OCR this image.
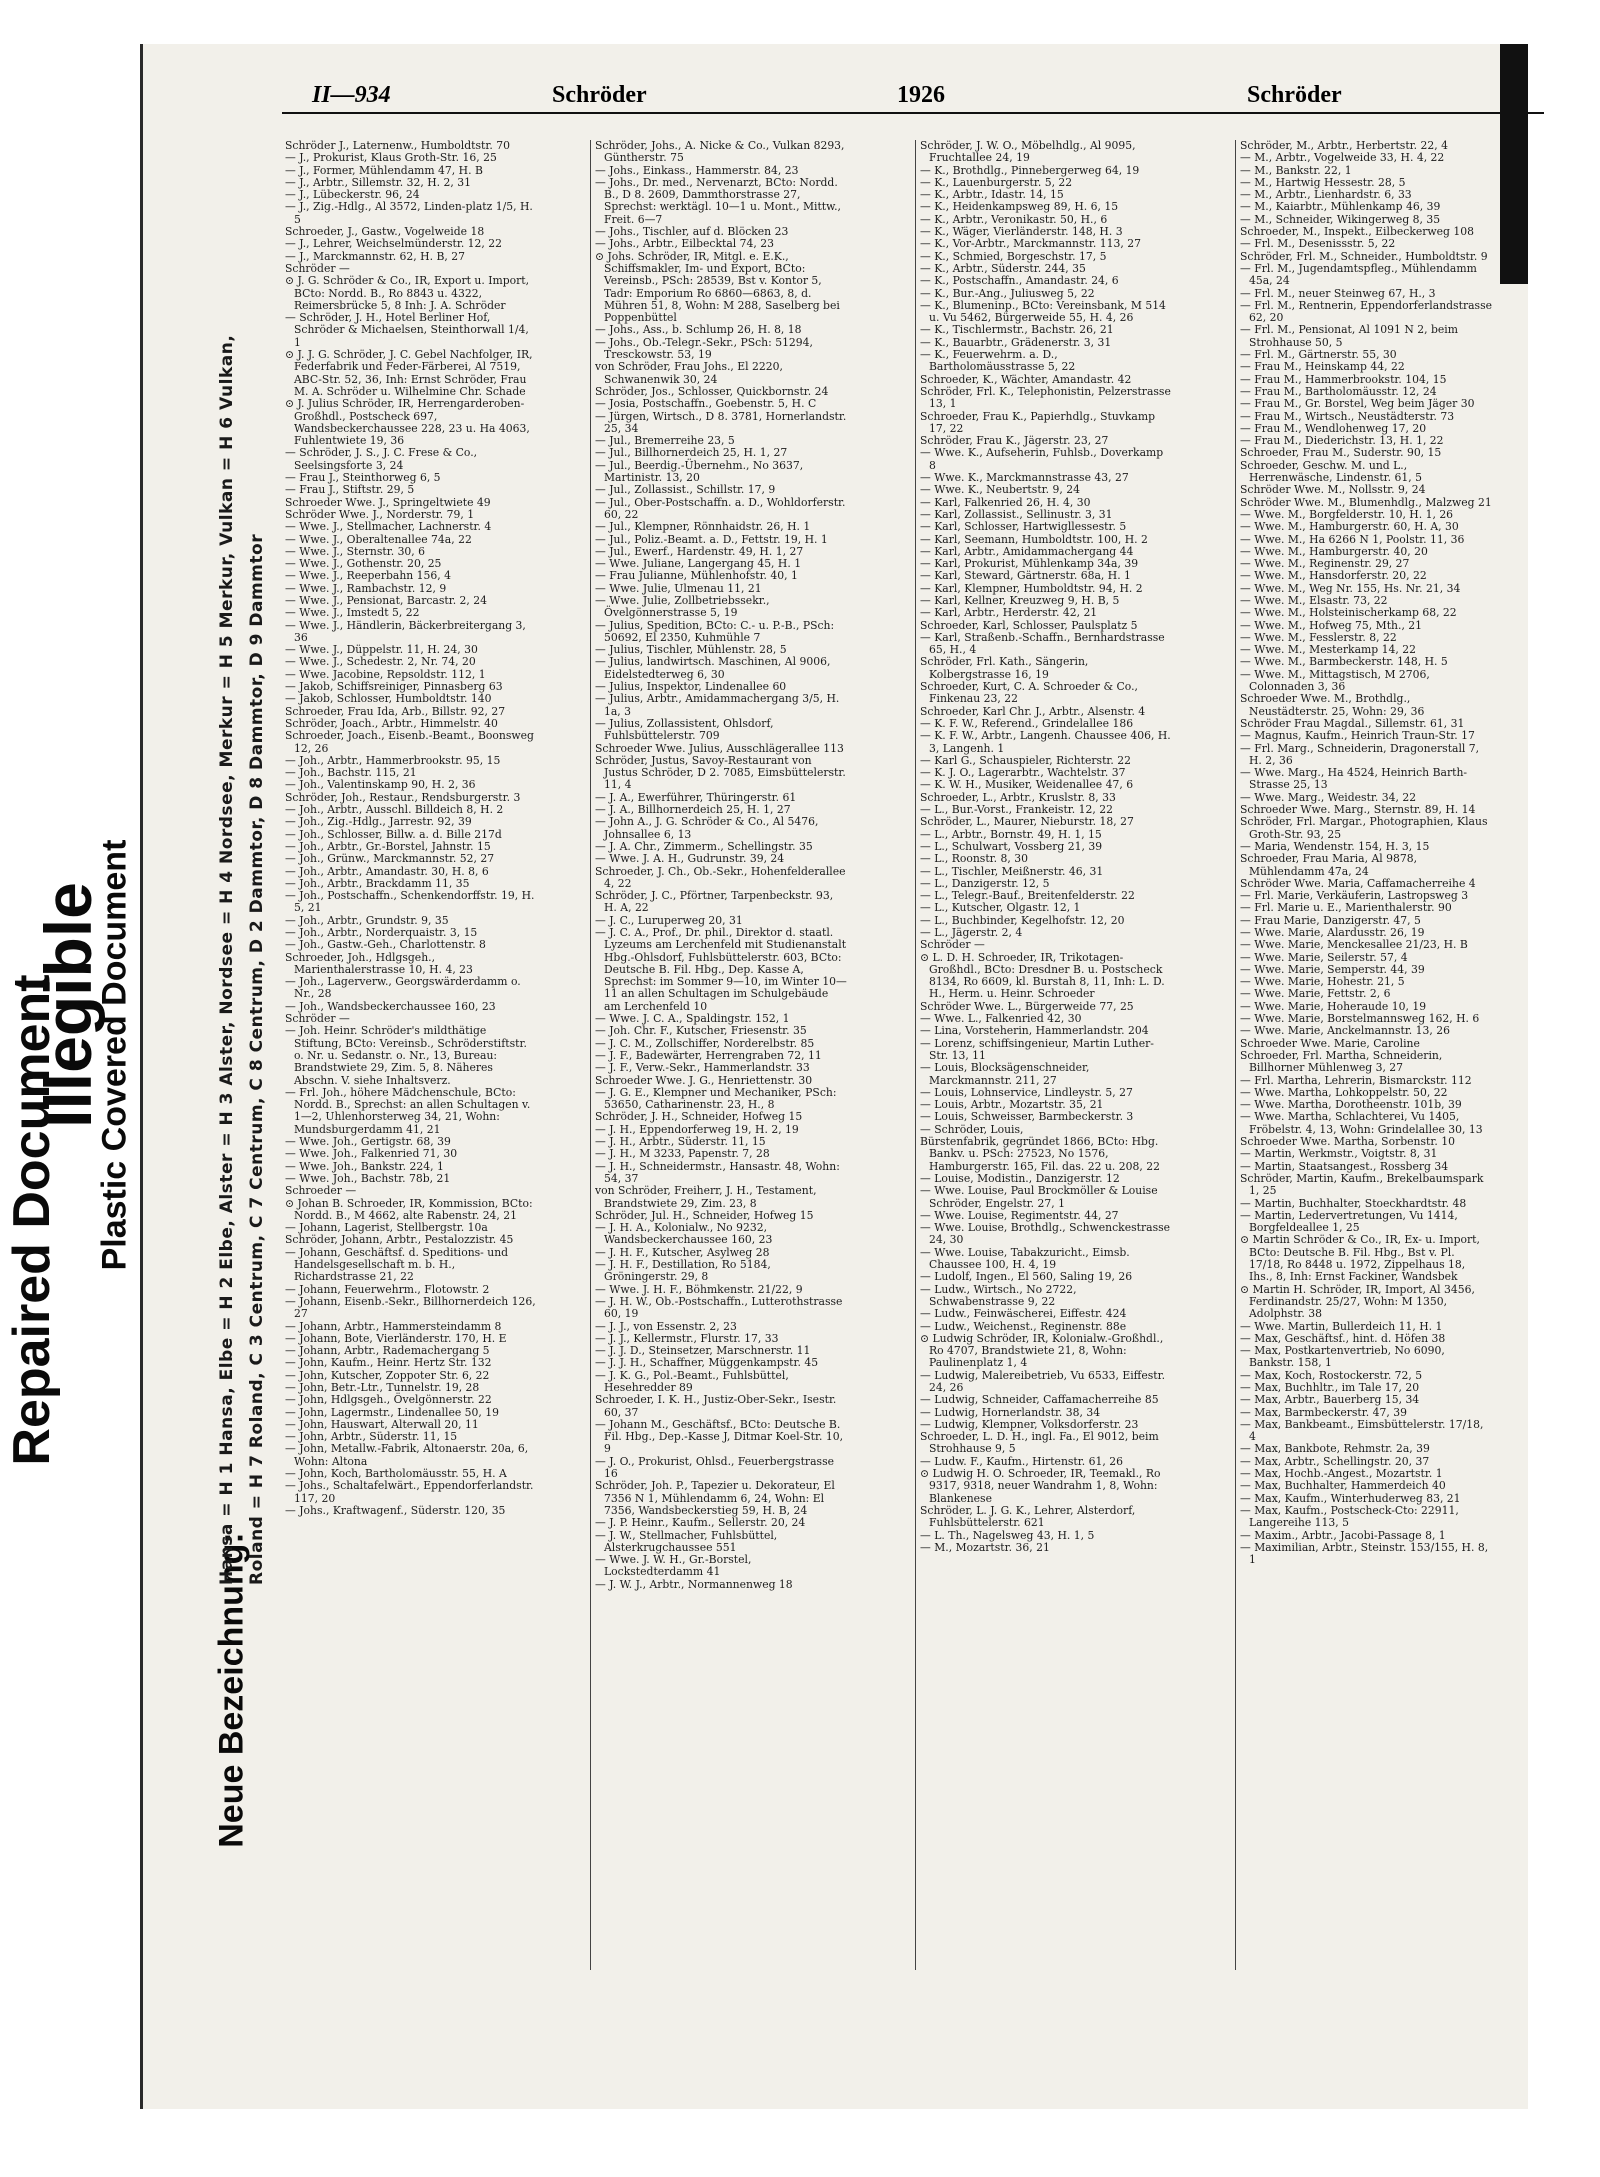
Repaired Document
Illegible
Plastic Covered Document
Neue Bezeichnung:
Hansa = H 1 Hansa, Elbe = H 2 Elbe, Alster = H 3 Alster, Nordsee = H 4 Nordsee, Merkur = H 5 Merkur, Vulkan = H 6 Vulkan, Roland = H 7 Roland, C 3 Centrum, C 7 Centrum, C 8 Centrum, D 2 Dammtor, D 8 Dammtor, D 9 Dammtor
II—934	Schröder	1926	Schröder

Schröder J., Laternenw., Humboldtstr. 70

— J., Prokurist, Klaus Groth-Str. 16, 25

— J., Former, Mühlendamm 47, H. B

— J., Arbtr., Sillemstr. 32, H. 2, 31

— J., Lübeckerstr. 96, 24

— J., Zig.-Hdlg., Al 3572, Linden-platz 1/5, H. 5

Schroeder, J., Gastw., Vogelweide 18

— J., Lehrer, Weichselmünderstr. 12, 22

— J., Marckmannstr. 62, H. B, 27

Schröder —

⊙ J. G. Schröder & Co., IR, Export u. Import, BCto: Nordd. B., Ro 8843 u. 4322, Reimersbrücke 5, 8 Inh: J. A. Schröder

— Schröder, J. H., Hotel Berliner Hof, Schröder & Michaelsen, Steinthorwall 1/4, 1

⊙ J. J. G. Schröder, J. C. Gebel Nachfolger, IR, Federfabrik und Feder-Färberei, Al 7519, ABC-Str. 52, 36, Inh: Ernst Schröder, Frau M. A. Schröder u. Wilhelmine Chr. Schade

⊙ J. Julius Schröder, IR, Herrengarderoben-Großhdl., Postscheck 697, Wandsbeckerchaussee 228, 23 u. Ha 4063, Fuhlentwiete 19, 36

— Schröder, J. S., J. C. Frese & Co., Seelsingsforte 3, 24

— Frau J., Steinthorweg 6, 5

— Frau J., Stiftstr. 29, 5

Schroeder Wwe. J., Springeltwiete 49

Schröder Wwe. J., Norderstr. 79, 1

— Wwe. J., Stellmacher, Lachnerstr. 4

— Wwe. J., Oberaltenallee 74a, 22

— Wwe. J., Sternstr. 30, 6

— Wwe. J., Gothenstr. 20, 25

— Wwe. J., Reeperbahn 156, 4

— Wwe. J., Rambachstr. 12, 9

— Wwe. J., Pensionat, Barcastr. 2, 24

— Wwe. J., Imstedt 5, 22

— Wwe. J., Händlerin, Bäckerbreitergang 3, 36

— Wwe. J., Düppelstr. 11, H. 24, 30

— Wwe. J., Schedestr. 2, Nr. 74, 20

— Wwe. Jacobine, Repsoldstr. 112, 1

— Jakob, Schiffsreiniger, Pinnasberg 63

— Jakob, Schlosser, Humboldtstr. 140

Schroeder, Frau Ida, Arb., Billstr. 92, 27

Schröder, Joach., Arbtr., Himmelstr. 40

Schroeder, Joach., Eisenb.-Beamt., Boonsweg 12, 26

— Joh., Arbtr., Hammerbrookstr. 95, 15

— Joh., Bachstr. 115, 21

— Joh., Valentinskamp 90, H. 2, 36

Schröder, Joh., Restaur., Rendsburgerstr. 3

— Joh., Arbtr., Ausschl. Billdeich 8, H. 2

— Joh., Zig.-Hdlg., Jarrestr. 92, 39

— Joh., Schlosser, Billw. a. d. Bille 217d

— Joh., Arbtr., Gr.-Borstel, Jahnstr. 15

— Joh., Grünw., Marckmannstr. 52, 27

— Joh., Arbtr., Amandastr. 30, H. 8, 6

— Joh., Arbtr., Brackdamm 11, 35

— Joh., Postschaffn., Schenkendorffstr. 19, H. 5, 21

— Joh., Arbtr., Grundstr. 9, 35

— Joh., Arbtr., Norderquaistr. 3, 15

— Joh., Gastw.-Geh., Charlottenstr. 8

Schroeder, Joh., Hdlgsgeh., Marienthalerstrasse 10, H. 4, 23

— Joh., Lagerverw., Georgswärderdamm o. Nr., 28

— Joh., Wandsbeckerchaussee 160, 23

Schröder —

— Joh. Heinr. Schröder's mildthätige Stiftung, BCto: Vereinsb., Schröderstiftstr. o. Nr. u. Sedanstr. o. Nr., 13, Bureau: Brandstwiete 29, Zim. 5, 8. Näheres Abschn. V. siehe Inhaltsverz.

— Frl. Joh., höhere Mädchenschule, BCto: Nordd. B., Sprechst: an allen Schultagen v. 1—2, Uhlenhorsterweg 34, 21, Wohn: Mundsburgerdamm 41, 21

— Wwe. Joh., Gertigstr. 68, 39

— Wwe. Joh., Falkenried 71, 30

— Wwe. Joh., Bankstr. 224, 1

— Wwe. Joh., Bachstr. 78b, 21

Schroeder —

⊙ Johan B. Schroeder, IR, Kommission, BCto: Nordd. B., M 4662, alte Rabenstr. 24, 21

— Johann, Lagerist, Stellbergstr. 10a

Schröder, Johann, Arbtr., Pestalozzistr. 45

— Johann, Geschäftsf. d. Speditions- und Handelsgesellschaft m. b. H., Richardstrasse 21, 22

— Johann, Feuerwehrm., Flotowstr. 2

— Johann, Eisenb.-Sekr., Billhornerdeich 126, 27

— Johann, Arbtr., Hammersteindamm 8

— Johann, Bote, Vierländerstr. 170, H. E

— Johann, Arbtr., Rademachergang 5

— John, Kaufm., Heinr. Hertz Str. 132

— John, Kutscher, Zoppoter Str. 6, 22

— John, Betr.-Ltr., Tunnelstr. 19, 28

— John, Hdlgsgeh., Övelgönnerstr. 22

— John, Lagermstr., Lindenallee 50, 19

— John, Hauswart, Alterwall 20, 11

— John, Arbtr., Süderstr. 11, 15

— John, Metallw.-Fabrik, Altonaerstr. 20a, 6, Wohn: Altona

— John, Koch, Bartholomäusstr. 55, H. A

— Johs., Schaltafelwärt., Eppendorferlandstr. 117, 20

— Johs., Kraftwagenf., Süderstr. 120, 35

Schröder, Johs., A. Nicke & Co., Vulkan 8293, Güntherstr. 75

— Johs., Einkass., Hammerstr. 84, 23

— Johs., Dr. med., Nervenarzt, BCto: Nordd. B., D 8. 2609, Dammthorstrasse 27, Sprechst: werktägl. 10—1 u. Mont., Mittw., Freit. 6—7

— Johs., Tischler, auf d. Blöcken 23

— Johs., Arbtr., Eilbecktal 74, 23

⊙ Johs. Schröder, IR, Mitgl. e. E.K., Schiffsmakler, Im- und Export, BCto: Vereinsb., PSch: 28539, Bst v. Kontor 5, Tadr: Emporium Ro 6860—6863, 8, d. Mühren 51, 8, Wohn: M 288, Saselberg bei Poppenbüttel

— Johs., Ass., b. Schlump 26, H. 8, 18

— Johs., Ob.-Telegr.-Sekr., PSch: 51294, Tresckowstr. 53, 19

von Schröder, Frau Johs., El 2220, Schwanenwik 30, 24

Schröder, Jos., Schlosser, Quickbornstr. 24

— Josia, Postschaffn., Goebenstr. 5, H. C

— Jürgen, Wirtsch., D 8. 3781, Hornerlandstr. 25, 34

— Jul., Bremerreihe 23, 5

— Jul., Billhornerdeich 25, H. 1, 27

— Jul., Beerdig.-Übernehm., No 3637, Martinistr. 13, 20

— Jul., Zollassist., Schillstr. 17, 9

— Jul., Ober-Postschaffn. a. D., Wohldorferstr. 60, 22

— Jul., Klempner, Rönnhaidstr. 26, H. 1

— Jul., Poliz.-Beamt. a. D., Fettstr. 19, H. 1

— Jul., Ewerf., Hardenstr. 49, H. 1, 27

— Wwe. Juliane, Langergang 45, H. 1

— Frau Julianne, Mühlenhofstr. 40, 1

— Wwe. Julie, Ulmenau 11, 21

— Wwe. Julie, Zollbetriebssekr., Övelgönnerstrasse 5, 19

— Julius, Spedition, BCto: C.- u. P.-B., PSch: 50692, El 2350, Kuhmühle 7

— Julius, Tischler, Mühlenstr. 28, 5

— Julius, landwirtsch. Maschinen, Al 9006, Eidelstedterweg 6, 30

— Julius, Inspektor, Lindenallee 60

— Julius, Arbtr., Amidammachergang 3/5, H. 1a, 3

— Julius, Zollassistent, Ohlsdorf, Fuhlsbüttelerstr. 709

Schroeder Wwe. Julius, Ausschlägerallee 113

Schröder, Justus, Savoy-Restaurant von Justus Schröder, D 2. 7085, Eimsbüttelerstr. 11, 4

— J. A., Ewerführer, Thüringerstr. 61

— J. A., Billhornerdeich 25, H. 1, 27

— John A., J. G. Schröder & Co., Al 5476, Johnsallee 6, 13

— J. A. Chr., Zimmerm., Schellingstr. 35

— Wwe. J. A. H., Gudrunstr. 39, 24

Schroeder, J. Ch., Ob.-Sekr., Hohenfelderallee 4, 22

Schröder, J. C., Pförtner, Tarpenbeckstr. 93, H. A, 22

— J. C., Luruperweg 20, 31

— J. C. A., Prof., Dr. phil., Direktor d. staatl. Lyzeums am Lerchenfeld mit Studienanstalt Hbg.-Ohlsdorf, Fuhlsbüttelerstr. 603, BCto: Deutsche B. Fil. Hbg., Dep. Kasse A, Sprechst: im Sommer 9—10, im Winter 10—11 an allen Schultagen im Schulgebäude am Lerchenfeld 10

— Wwe. J. C. A., Spaldingstr. 152, 1

— Joh. Chr. F., Kutscher, Friesenstr. 35

— J. C. M., Zollschiffer, Norderelbstr. 85

— J. F., Badewärter, Herrengraben 72, 11

— J. F., Verw.-Sekr., Hammerlandstr. 33

Schroeder Wwe. J. G., Henriettenstr. 30

— J. G. E., Klempner und Mechaniker, PSch: 53650, Catharinenstr. 23, H., 8

Schröder, J. H., Schneider, Hofweg 15

— J. H., Eppendorferweg 19, H. 2, 19

— J. H., Arbtr., Süderstr. 11, 15

— J. H., M 3233, Papenstr. 7, 28

— J. H., Schneidermstr., Hansastr. 48, Wohn: 54, 37

von Schröder, Freiherr, J. H., Testament, Brandstwiete 29, Zim. 23, 8

Schröder, Jul. H., Schneider, Hofweg 15

— J. H. A., Kolonialw., No 9232, Wandsbeckerchaussee 160, 23

— J. H. F., Kutscher, Asylweg 28

— J. H. F., Destillation, Ro 5184, Gröningerstr. 29, 8

— Wwe. J. H. F., Böhmkenstr. 21/22, 9

— J. H. W., Ob.-Postschaffn., Lutterothstrasse 60, 19

— J. J., von Essenstr. 2, 23

— J. J., Kellermstr., Flurstr. 17, 33

— J. J. D., Steinsetzer, Marschnerstr. 11

— J. J. H., Schaffner, Müggenkampstr. 45

— J. K. G., Pol.-Beamt., Fuhlsbüttel, Hesehredder 89

Schroeder, I. K. H., Justiz-Ober-Sekr., Isestr. 60, 37

— Johann M., Geschäftsf., BCto: Deutsche B. Fil. Hbg., Dep.-Kasse J, Ditmar Koel-Str. 10, 9

— J. O., Prokurist, Ohlsd., Feuerbergstrasse 16

Schröder, Joh. P., Tapezier u. Dekorateur, El 7356 N 1, Mühlendamm 6, 24, Wohn: El 7356, Wandsbeckerstieg 59, H. B, 24

— J. P. Heinr., Kaufm., Sellerstr. 20, 24

— J. W., Stellmacher, Fuhlsbüttel, Alsterkrugchaussee 551

— Wwe. J. W. H., Gr.-Borstel, Lockstedterdamm 41

— J. W. J., Arbtr., Normannenweg 18

Schröder, J. W. O., Möbelhdlg., Al 9095, Fruchtallee 24, 19

— K., Brothdlg., Pinnebergerweg 64, 19

— K., Lauenburgerstr. 5, 22

— K., Arbtr., Idastr. 14, 15

— K., Heidenkampsweg 89, H. 6, 15

— K., Arbtr., Veronikastr. 50, H., 6

— K., Wäger, Vierländerstr. 148, H. 3

— K., Vor-Arbtr., Marckmannstr. 113, 27

— K., Schmied, Borgeschstr. 17, 5

— K., Arbtr., Süderstr. 244, 35

— K., Postschaffn., Amandastr. 24, 6

— K., Bur.-Ang., Juliusweg 5, 22

— K., Blumeninp., BCto: Vereinsbank, M 514 u. Vu 5462, Bürgerweide 55, H. 4, 26

— K., Tischlermstr., Bachstr. 26, 21

— K., Bauarbtr., Grädenerstr. 3, 31

— K., Feuerwehrm. a. D., Bartholomäusstrasse 5, 22

Schroeder, K., Wächter, Amandastr. 42

Schröder, Frl. K., Telephonistin, Pelzerstrasse 13, 1

Schroeder, Frau K., Papierhdlg., Stuvkamp 17, 22

Schröder, Frau K., Jägerstr. 23, 27

— Wwe. K., Aufseherin, Fuhlsb., Doverkamp 8

— Wwe. K., Marckmannstrasse 43, 27

— Wwe. K., Neubertstr. 9, 24

— Karl, Falkenried 26, H. 4, 30

— Karl, Zollassist., Sellinustr. 3, 31

— Karl, Schlosser, Hartwigllessestr. 5

— Karl, Seemann, Humboldtstr. 100, H. 2

— Karl, Arbtr., Amidammachergang 44

— Karl, Prokurist, Mühlenkamp 34a, 39

— Karl, Steward, Gärtnerstr. 68a, H. 1

— Karl, Klempner, Humboldtstr. 94, H. 2

— Karl, Kellner, Kreuzweg 9, H. B, 5

— Karl, Arbtr., Herderstr. 42, 21

Schroeder, Karl, Schlosser, Paulsplatz 5

— Karl, Straßenb.-Schaffn., Bernhardstrasse 65, H., 4

Schröder, Frl. Kath., Sängerin, Kolbergstrasse 16, 19

Schroeder, Kurt, C. A. Schroeder & Co., Finkenau 23, 22

Schroeder, Karl Chr. J., Arbtr., Alsenstr. 4

— K. F. W., Referend., Grindelallee 186

— K. F. W., Arbtr., Langenh. Chaussee 406, H. 3, Langenh. 1

— Karl G., Schauspieler, Richterstr. 22

— K. J. O., Lagerarbtr., Wachtelstr. 37

— K. W. H., Musiker, Weidenallee 47, 6

Schroeder, L., Arbtr., Kruslstr. 8, 33

— L., Bur.-Vorst., Frankeistr. 12, 22

Schröder, L., Maurer, Nieburstr. 18, 27

— L., Arbtr., Bornstr. 49, H. 1, 15

— L., Schulwart, Vossberg 21, 39

— L., Roonstr. 8, 30

— L., Tischler, Meißnerstr. 46, 31

— L., Danzigerstr. 12, 5

— L., Telegr.-Bauf., Breitenfelderstr. 22

— L., Kutscher, Olgastr. 12, 1

— L., Buchbinder, Kegelhofstr. 12, 20

— L., Jägerstr. 2, 4

Schröder —

⊙ L. D. H. Schroeder, IR, Trikotagen-Großhdl., BCto: Dresdner B. u. Postscheck 8134, Ro 6609, kl. Burstah 8, 11, Inh: L. D. H., Herm. u. Heinr. Schroeder

Schröder Wwe. L., Bürgerweide 77, 25

— Wwe. L., Falkenried 42, 30

— Lina, Vorsteherin, Hammerlandstr. 204

— Lorenz, schiffsingenieur, Martin Luther-Str. 13, 11

— Louis, Blocksägenschneider, Marckmannstr. 211, 27

— Louis, Lohnservice, Lindleystr. 5, 27

— Louis, Arbtr., Mozartstr. 35, 21

— Louis, Schweisser, Barmbeckerstr. 3

— Schröder, Louis,

Bürstenfabrik, gegründet 1866, BCto: Hbg. Bankv. u. PSch: 27523, No 1576, Hamburgerstr. 165, Fil. das. 22 u. 208, 22

— Louise, Modistin., Danzigerstr. 12

— Wwe. Louise, Paul Brockmöller & Louise Schröder, Engelstr. 27, 1

— Wwe. Louise, Regimentstr. 44, 27

— Wwe. Louise, Brothdlg., Schwenckestrasse 24, 30

— Wwe. Louise, Tabakzuricht., Eimsb. Chaussee 100, H. 4, 19

— Ludolf, Ingen., El 560, Saling 19, 26

— Ludw., Wirtsch., No 2722, Schwabenstrasse 9, 22

— Ludw., Feinwäscherei, Eiffestr. 424

— Ludw., Weichenst., Reginenstr. 88e

⊙ Ludwig Schröder, IR, Kolonialw.-Großhdl., Ro 4707, Brandstwiete 21, 8, Wohn: Paulinenplatz 1, 4

— Ludwig, Malereibetrieb, Vu 6533, Eiffestr. 24, 26

— Ludwig, Schneider, Caffamacherreihe 85

— Ludwig, Hornerlandstr. 38, 34

— Ludwig, Klempner, Volksdorferstr. 23

Schroeder, L. D. H., ingl. Fa., El 9012, beim Strohhause 9, 5

— Ludw. F., Kaufm., Hirtenstr. 61, 26

⊙ Ludwig H. O. Schroeder, IR, Teemakl., Ro 9317, 9318, neuer Wandrahm 1, 8, Wohn: Blankenese

Schröder, L. J. G. K., Lehrer, Alsterdorf, Fuhlsbüttelerstr. 621

— L. Th., Nagelsweg 43, H. 1, 5

— M., Mozartstr. 36, 21

Schröder, M., Arbtr., Herbertstr. 22, 4

— M., Arbtr., Vogelweide 33, H. 4, 22

— M., Bankstr. 22, 1

— M., Hartwig Hessestr. 28, 5

— M., Arbtr., Lienhardstr. 6, 33

— M., Kaiarbtr., Mühlenkamp 46, 39

— M., Schneider, Wikingerweg 8, 35

Schroeder, M., Inspekt., Eilbeckerweg 108

— Frl. M., Desenissstr. 5, 22

Schröder, Frl. M., Schneider., Humboldtstr. 9

— Frl. M., Jugendamtspfleg., Mühlendamm 45a, 24

— Frl. M., neuer Steinweg 67, H., 3

— Frl. M., Rentnerin, Eppendorferlandstrasse 62, 20

— Frl. M., Pensionat, Al 1091 N 2, beim Strohhause 50, 5

— Frl. M., Gärtnerstr. 55, 30

— Frau M., Heinskamp 44, 22

— Frau M., Hammerbrookstr. 104, 15

— Frau M., Bartholomäusstr. 12, 24

— Frau M., Gr. Borstel, Weg beim Jäger 30

— Frau M., Wirtsch., Neustädterstr. 73

— Frau M., Wendlohenweg 17, 20

— Frau M., Diederichstr. 13, H. 1, 22

Schroeder, Frau M., Suderstr. 90, 15

Schroeder, Geschw. M. und L., Herrenwäsche, Lindenstr. 61, 5

Schröder Wwe. M., Nollsstr. 9, 24

Schröder Wwe. M., Blumenhdlg., Malzweg 21

— Wwe. M., Borgfelderstr. 10, H. 1, 26

— Wwe. M., Hamburgerstr. 60, H. A, 30

— Wwe. M., Ha 6266 N 1, Poolstr. 11, 36

— Wwe. M., Hamburgerstr. 40, 20

— Wwe. M., Reginenstr. 29, 27

— Wwe. M., Hansdorferstr. 20, 22

— Wwe. M., Weg Nr. 155, Hs. Nr. 21, 34

— Wwe. M., Elsastr. 73, 22

— Wwe. M., Holsteinischerkamp 68, 22

— Wwe. M., Hofweg 75, Mth., 21

— Wwe. M., Fesslerstr. 8, 22

— Wwe. M., Mesterkamp 14, 22

— Wwe. M., Barmbeckerstr. 148, H. 5

— Wwe. M., Mittagstisch, M 2706, Colonnaden 3, 36

Schroeder Wwe. M., Brothdlg., Neustädterstr. 25, Wohn: 29, 36

Schröder Frau Magdal., Sillemstr. 61, 31

— Magnus, Kaufm., Heinrich Traun-Str. 17

— Frl. Marg., Schneiderin, Dragonerstall 7, H. 2, 36

— Wwe. Marg., Ha 4524, Heinrich Barth-Strasse 25, 13

— Wwe. Marg., Weidestr. 34, 22

Schroeder Wwe. Marg., Sternstr. 89, H. 14

Schröder, Frl. Margar., Photographien, Klaus Groth-Str. 93, 25

— Maria, Wendenstr. 154, H. 3, 15

Schroeder, Frau Maria, Al 9878, Mühlendamm 47a, 24

Schröder Wwe. Maria, Caffamacherreihe 4

— Frl. Marie, Verkäuferin, Lastropsweg 3

— Frl. Marie u. E., Marienthalerstr. 90

— Frau Marie, Danzigerstr. 47, 5

— Wwe. Marie, Alardusstr. 26, 19

— Wwe. Marie, Menckesallee 21/23, H. B

— Wwe. Marie, Seilerstr. 57, 4

— Wwe. Marie, Semperstr. 44, 39

— Wwe. Marie, Hohestr. 21, 5

— Wwe. Marie, Fettstr. 2, 6

— Wwe. Marie, Hoheraude 10, 19

— Wwe. Marie, Borstelmannsweg 162, H. 6

— Wwe. Marie, Anckelmannstr. 13, 26

Schroeder Wwe. Marie, Caroline

Schroeder, Frl. Martha, Schneiderin, Billhorner Mühlenweg 3, 27

— Frl. Martha, Lehrerin, Bismarckstr. 112

— Wwe. Martha, Lohkoppelstr. 50, 22

— Wwe. Martha, Dorotheenstr. 101b, 39

— Wwe. Martha, Schlachterei, Vu 1405, Fröbelstr. 4, 13, Wohn: Grindelallee 30, 13

Schroeder Wwe. Martha, Sorbenstr. 10

— Martin, Werkmstr., Voigtstr. 8, 31

— Martin, Staatsangest., Rossberg 34

Schröder, Martin, Kaufm., Brekelbaumspark 1, 25

— Martin, Buchhalter, Stoeckhardtstr. 48

— Martin, Ledervertretungen, Vu 1414, Borgfeldeallee 1, 25

⊙ Martin Schröder & Co., IR, Ex- u. Import, BCto: Deutsche B. Fil. Hbg., Bst v. Pl. 17/18, Ro 8448 u. 1972, Zippelhaus 18, Ihs., 8, Inh: Ernst Fackiner, Wandsbek

⊙ Martin H. Schröder, IR, Import, Al 3456, Ferdinandstr. 25/27, Wohn: M 1350, Adolphstr. 38

— Wwe. Martin, Bullerdeich 11, H. 1

— Max, Geschäftsf., hint. d. Höfen 38

— Max, Postkartenvertrieb, No 6090, Bankstr. 158, 1

— Max, Koch, Rostockerstr. 72, 5

— Max, Buchhltr., im Tale 17, 20

— Max, Arbtr., Bauerberg 15, 34

— Max, Barmbeckerstr. 47, 39

— Max, Bankbeamt., Eimsbüttelerstr. 17/18, 4

— Max, Bankbote, Rehmstr. 2a, 39

— Max, Arbtr., Schellingstr. 20, 37

— Max, Hochb.-Angest., Mozartstr. 1

— Max, Buchhalter, Hammerdeich 40

— Max, Kaufm., Winterhuderweg 83, 21

— Max, Kaufm., Postscheck-Cto: 22911, Langereihe 113, 5

— Maxim., Arbtr., Jacobi-Passage 8, 1

— Maximilian, Arbtr., Steinstr. 153/155, H. 8, 1
